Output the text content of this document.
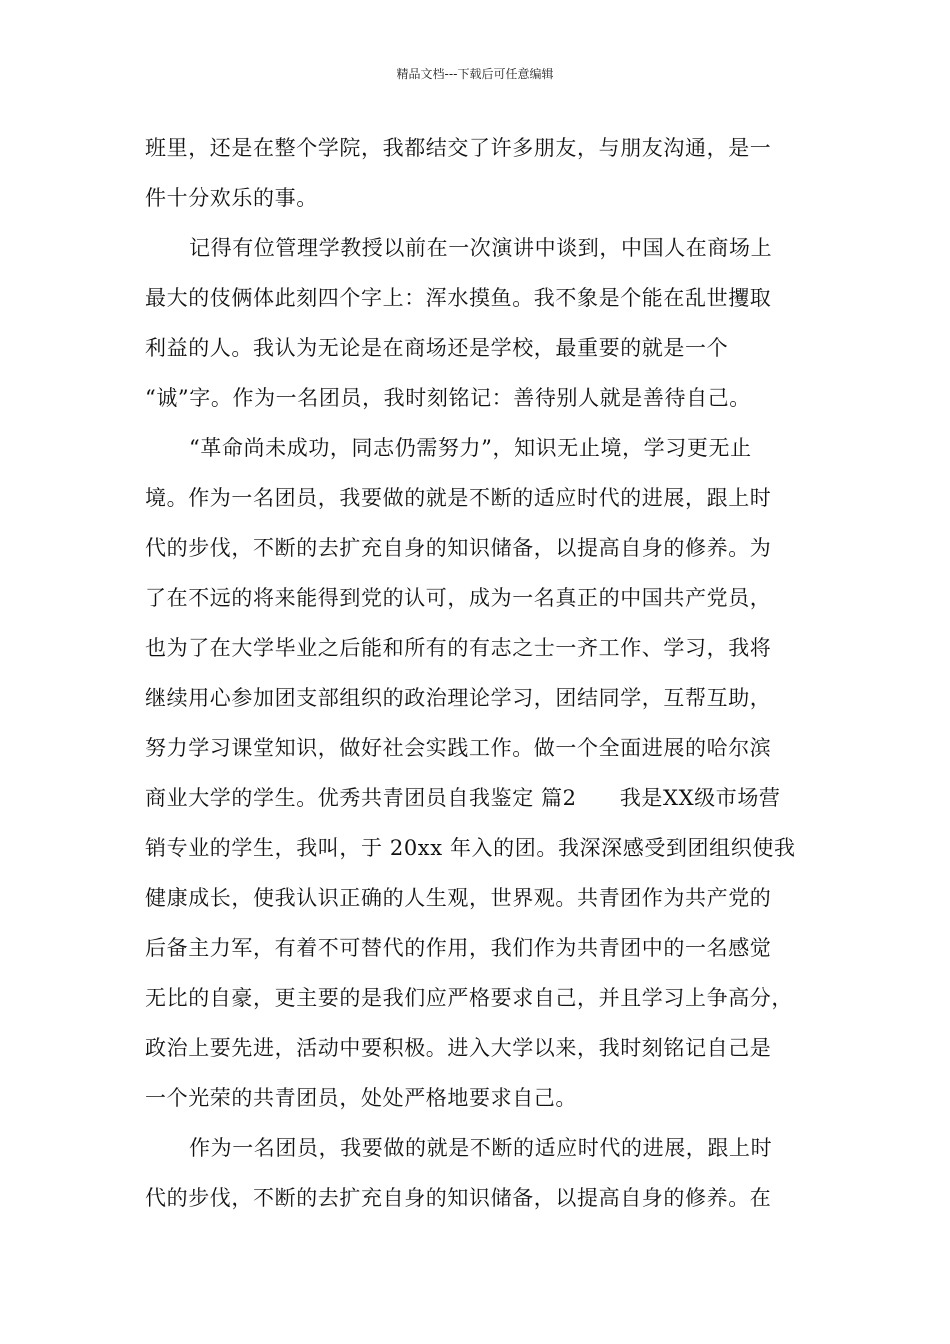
精品文档---下载后可任意编辑
班里，还是在整个学院，我都结交了许多朋友，与朋友沟通，是一
件十分欢乐的事。
记得有位管理学教授以前在一次演讲中谈到，中国人在商场上
最大的伎俩体此刻四个字上：浑水摸鱼。我不象是个能在乱世攫取
利益的人。我认为无论是在商场还是学校，最重要的就是一个
“诚”字。作为一名团员，我时刻铭记：善待别人就是善待自己。
“革命尚未成功，同志仍需努力”，知识无止境，学习更无止
境。作为一名团员，我要做的就是不断的适应时代的进展，跟上时
代的步伐，不断的去扩充自身的知识储备，以提高自身的修养。为
了在不远的将来能得到党的认可，成为一名真正的中国共产党员，
也为了在大学毕业之后能和所有的有志之士一齐工作、学习，我将
继续用心参加团支部组织的政治理论学习，团结同学，互帮互助，
努力学习课堂知识，做好社会实践工作。做一个全面进展的哈尔滨
商业大学的学生。优秀共青团员自我鉴定 篇2　　我是XX级市场营
销专业的学生，我叫，于 20xx 年入的团。我深深感受到团组织使我
健康成长，使我认识正确的人生观，世界观。共青团作为共产党的
后备主力军，有着不可替代的作用，我们作为共青团中的一名感觉
无比的自豪，更主要的是我们应严格要求自己，并且学习上争高分，
政治上要先进，活动中要积极。进入大学以来，我时刻铭记自己是
一个光荣的共青团员，处处严格地要求自己。
作为一名团员，我要做的就是不断的适应时代的进展，跟上时
代的步伐，不断的去扩充自身的知识储备，以提高自身的修养。在
